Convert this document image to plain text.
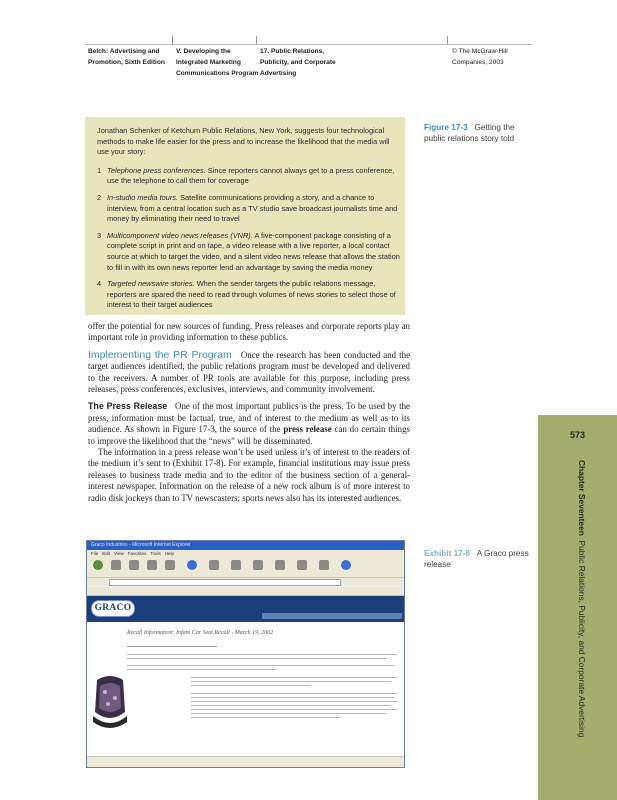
Belch: Advertising and
Promotion, Sixth Edition
V. Developing the
Integrated Marketing
Communications Program
17. Public Relations,
Publicity, and Corporate
Advertising
© The McGraw-Hill
Companies, 2003

Jonathan Schenker of Ketchum Public Relations, New York, suggests four technological methods to make life easier for the press and to increase the likelihood that the media will use your story:

1 Telephone press conferences. Since reporters cannot always get to a press conference, use the telephone to call them for coverage
2 In-studio media tours. Satellite communications providing a story, and a chance to interview, from a central location such as a TV studio save broadcast journalists time and money by eliminating their need to travel
3 Multicomponent video news releases (VNR). A five-component package consisting of a complete script in print and on tape, a video release with a live reporter, a local contact source at which to target the video, and a silent video news release that allows the station to fill in with its own news reporter lend an advantage by saving the media money
4 Targeted newswire stories. When the sender targets the public relations message, reporters are spared the need to read through volumes of news stories to select those of interest to their target audiences
Figure 17-3 Getting the public relations story told

offer the potential for new sources of funding. Press releases and corporate reports play an important role in providing information to these publics.

Implementing the PR Program Once the research has been conducted and the target audiences identified, the public relations program must be developed and delivered to the receivers. A number of PR tools are available for this purpose, including press releases, press conferences, exclusives, interviews, and community involvement.

The Press Release One of the most important publics is the press. To be used by the press, information must be factual, true, and of interest to the medium as well as to its audience. As shown in Figure 17-3, the source of the press release can do certain things to improve the likelihood that the “news” will be disseminated.

The information in a press release won’t be used unless it’s of interest to the readers of the medium it’s sent to (Exhibit 17-8). For example, financial institutions may issue press releases to business trade media and to the editor of the business section of a general-interest newspaper. Information on the release of a new rock album is of more interest to radio disk jockeys than to TV newscasters; sports news also has its interested audiences.

573
Chapter Seventeen  Public Relations, Publicity, and Corporate Advertising
Exhibit 17-8 A Graco press release
Graco Industries - Microsoft Internet Explorer
File Edit View Favorites Tools Help
GRACO
Recall Information: Infant Car Seat Recall - March 19, 2002
